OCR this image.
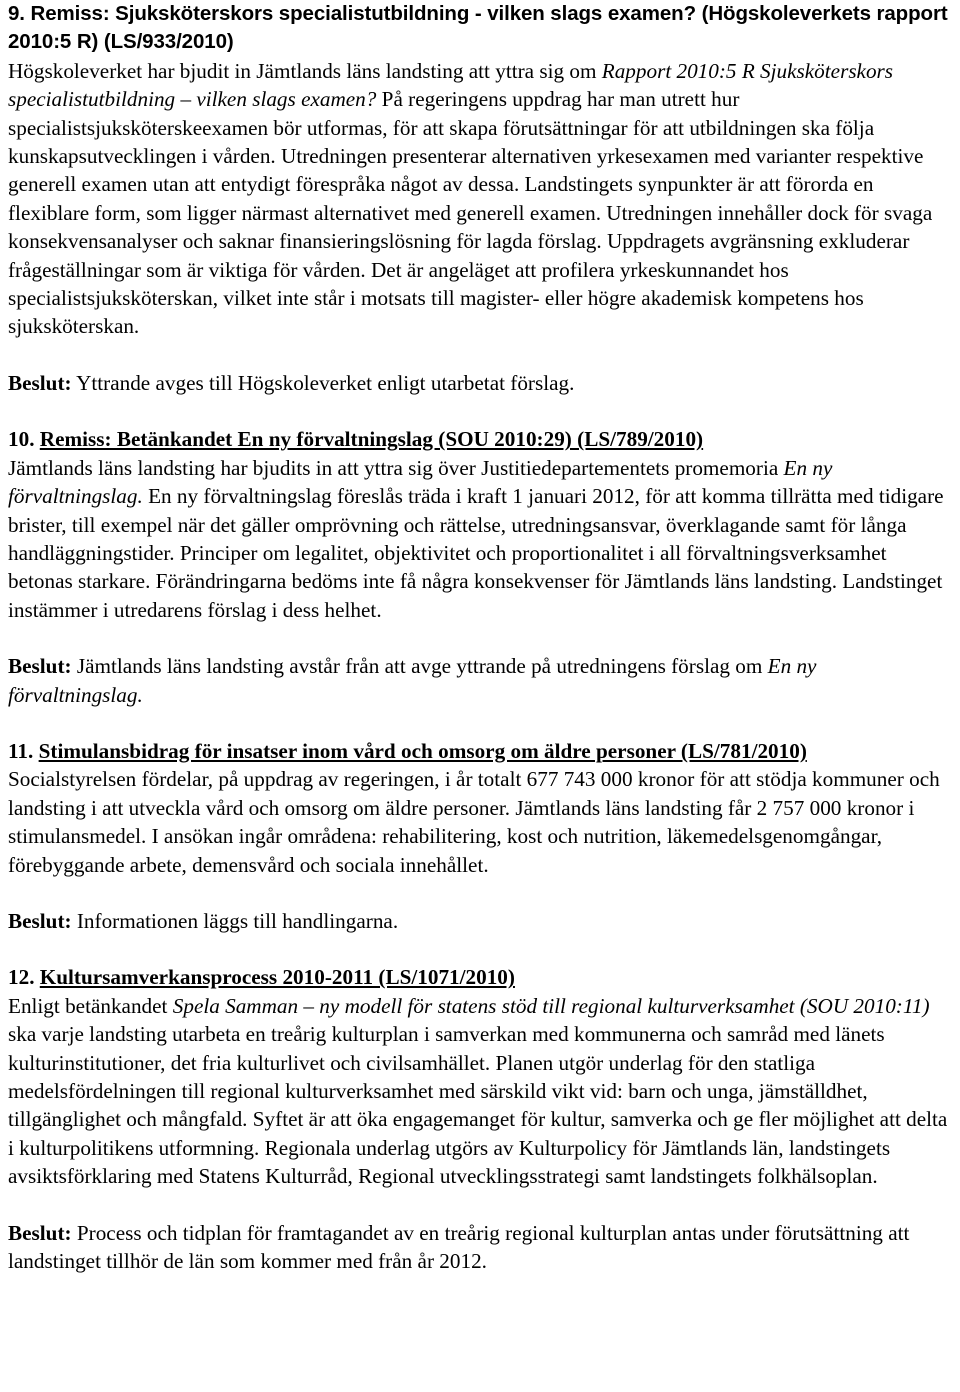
9. Remiss: Sjuksköterskors specialistutbildning - vilken slags examen? (Högskoleverkets rapport 2010:5 R) (LS/933/2010)

Högskoleverket har bjudit in Jämtlands läns landsting att yttra sig om Rapport 2010:5 R Sjuksköterskors specialistutbildning – vilken slags examen? På regeringens uppdrag har man utrett hur specialistsjuksköterskeexamen bör utformas, för att skapa förutsättningar för att utbildningen ska följa kunskapsutvecklingen i vården. Utredningen presenterar alternativen yrkesexamen med varianter respektive generell examen utan att entydigt förespråka något av dessa. Landstingets synpunkter är att förorda en flexiblare form, som ligger närmast alternativet med generell examen. Utredningen innehåller dock för svaga konsekvensanalyser och saknar finansieringslösning för lagda förslag. Uppdragets avgränsning exkluderar frågeställningar som är viktiga för vården. Det är angeläget att profilera yrkeskunnandet hos specialistsjuksköterskan, vilket inte står i motsats till magister- eller högre akademisk kompetens hos sjuksköterskan.

Beslut: Yttrande avges till Högskoleverket enligt utarbetat förslag.

10. Remiss: Betänkandet En ny förvaltningslag (SOU 2010:29) (LS/789/2010)

Jämtlands läns landsting har bjudits in att yttra sig över Justitiedepartementets promemoria En ny förvaltningslag. En ny förvaltningslag föreslås träda i kraft 1 januari 2012, för att komma tillrätta med tidigare brister, till exempel när det gäller omprövning och rättelse, utredningsansvar, överklagande samt för långa handläggningstider. Principer om legalitet, objektivitet och proportionalitet i all förvaltningsverksamhet betonas starkare. Förändringarna bedöms inte få några konsekvenser för Jämtlands läns landsting. Landstinget instämmer i utredarens förslag i dess helhet.

Beslut: Jämtlands läns landsting avstår från att avge yttrande på utredningens förslag om En ny förvaltningslag.

11. Stimulansbidrag för insatser inom vård och omsorg om äldre personer (LS/781/2010)

Socialstyrelsen fördelar, på uppdrag av regeringen, i år totalt 677 743 000 kronor för att stödja kommuner och landsting i att utveckla vård och omsorg om äldre personer. Jämtlands läns landsting får 2 757 000 kronor i stimulansmedel. I ansökan ingår områdena: rehabilitering, kost och nutrition, läkemedelsgenomgångar, förebyggande arbete, demensvård och sociala innehållet.

Beslut: Informationen läggs till handlingarna.

12. Kultursamverkansprocess 2010-2011 (LS/1071/2010)

Enligt betänkandet Spela Samman – ny modell för statens stöd till regional kulturverksamhet (SOU 2010:11) ska varje landsting utarbeta en treårig kulturplan i samverkan med kommunerna och samråd med länets kulturinstitutioner, det fria kulturlivet och civilsamhället. Planen utgör underlag för den statliga medelsfördelningen till regional kulturverksamhet med särskild vikt vid: barn och unga, jämställdhet, tillgänglighet och mångfald. Syftet är att öka engagemanget för kultur, samverka och ge fler möjlighet att delta i kulturpolitikens utformning. Regionala underlag utgörs av Kulturpolicy för Jämtlands län, landstingets avsiktsförklaring med Statens Kulturråd, Regional utvecklingsstrategi samt landstingets folkhälsoplan.

Beslut: Process och tidplan för framtagandet av en treårig regional kulturplan antas under förutsättning att landstinget tillhör de län som kommer med från år 2012.
